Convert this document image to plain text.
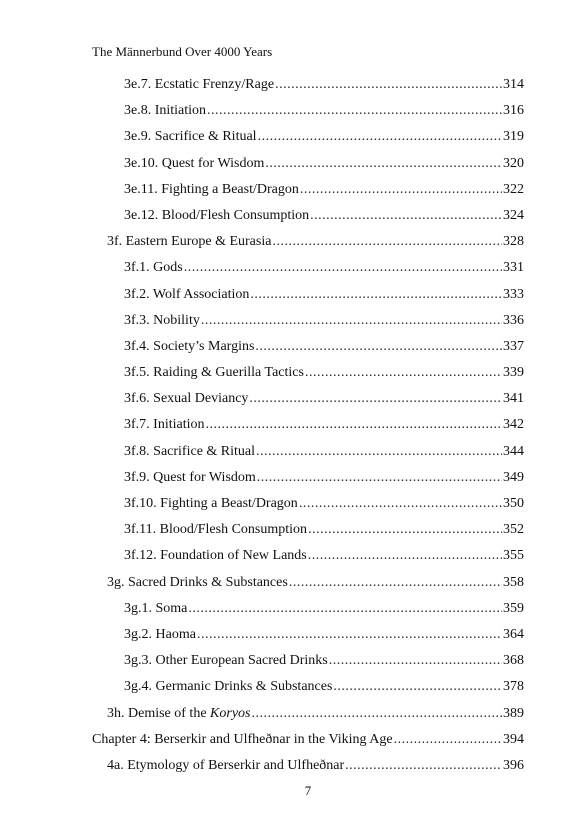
The Männerbund Over 4000 Years
3e.7. Ecstatic Frenzy/Rage .....	314
3e.8. Initiation .....	316
3e.9. Sacrifice & Ritual .....	319
3e.10. Quest for Wisdom .....	320
3e.11. Fighting a Beast/Dragon .....	322
3e.12. Blood/Flesh Consumption .....	324
3f. Eastern Europe & Eurasia .....	328
3f.1. Gods .....	331
3f.2. Wolf Association .....	333
3f.3. Nobility .....	336
3f.4. Society’s Margins .....	337
3f.5. Raiding & Guerilla Tactics .....	339
3f.6. Sexual Deviancy .....	341
3f.7. Initiation .....	342
3f.8. Sacrifice & Ritual .....	344
3f.9. Quest for Wisdom .....	349
3f.10. Fighting a Beast/Dragon .....	350
3f.11. Blood/Flesh Consumption .....	352
3f.12. Foundation of New Lands .....	355
3g. Sacred Drinks & Substances .....	358
3g.1. Soma .....	359
3g.2. Haoma .....	364
3g.3. Other European Sacred Drinks .....	368
3g.4. Germanic Drinks & Substances .....	378
3h. Demise of the Koryos .....	389
Chapter 4: Berserkir and Ulfheðnar in the Viking Age .....	394
4a. Etymology of Berserkir and Ulfheðnar .....	396
7
